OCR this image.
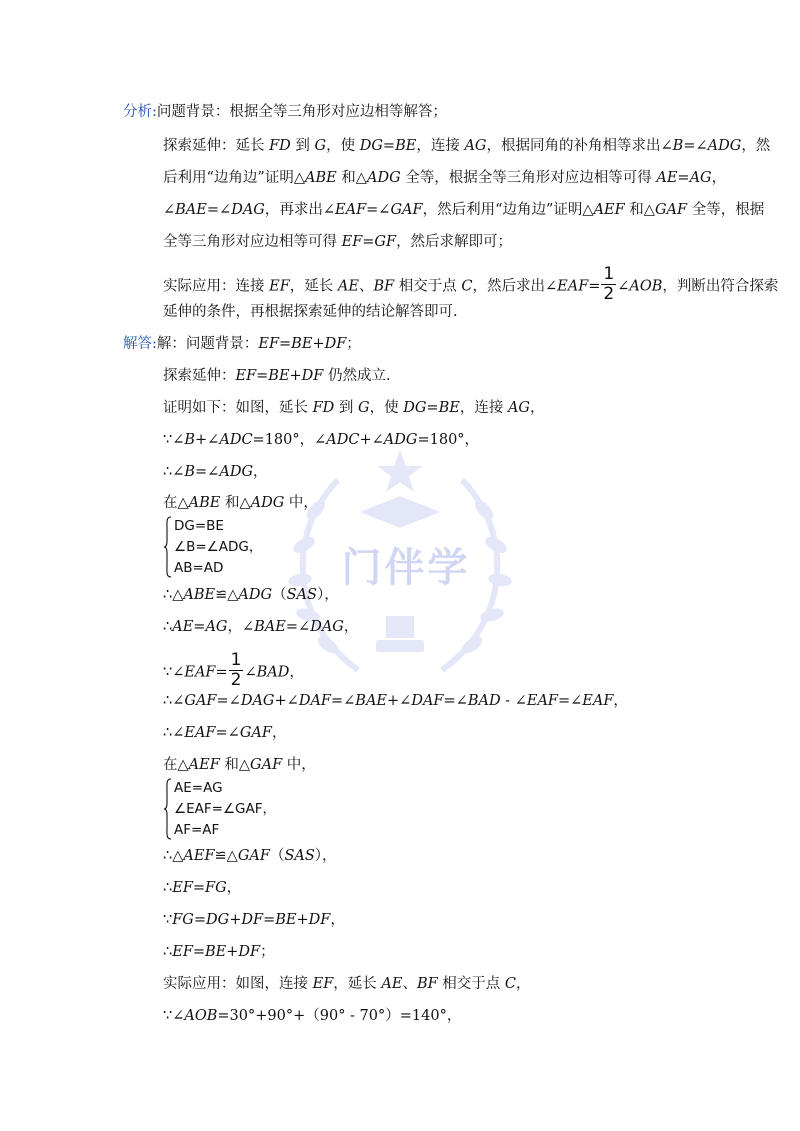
门伴学
分析:问题背景：根据全等三角形对应边相等解答；
探索延伸：延长 FD 到 G，使 DG=BE，连接 AG，根据同角的补角相等求出∠B=∠ADG，然
后利用“边角边”证明△ABE 和△ADG 全等，根据全等三角形对应边相等可得 AE=AG，
∠BAE=∠DAG，再求出∠EAF=∠GAF，然后利用“边角边”证明△AEF 和△GAF 全等，根据
全等三角形对应边相等可得 EF=GF，然后求解即可；
实际应用：连接 EF，延长 AE、BF 相交于点 C，然后求出∠EAF= $\frac{1}{2}$ ∠AOB，判断出符合探索
延伸的条件，再根据探索延伸的结论解答即可.
解答:解：问题背景：EF=BE+DF；
探索延伸：EF=BE+DF 仍然成立.
证明如下：如图，延长 FD 到 G，使 DG=BE，连接 AG，
∵∠B+∠ADC=180°，∠ADC+∠ADG=180°，
∴∠B=∠ADG，
在△ABE 和△ADG 中，
DG=BE
∠B=∠ADG，
AB=AD
∴△ABE≌△ADG（SAS），
∴AE=AG，∠BAE=∠DAG，
∵∠EAF= $\frac{1}{2}$ ∠BAD，
∴∠GAF=∠DAG+∠DAF=∠BAE+∠DAF=∠BAD - ∠EAF=∠EAF，
∴∠EAF=∠GAF，
在△AEF 和△GAF 中，
AE=AG
∠EAF=∠GAF，
AF=AF
∴△AEF≌△GAF（SAS），
∴EF=FG，
∵FG=DG+DF=BE+DF，
∴EF=BE+DF；
实际应用：如图，连接 EF，延长 AE、BF 相交于点 C，
∵∠AOB=30°+90°+（90° - 70°）=140°，
